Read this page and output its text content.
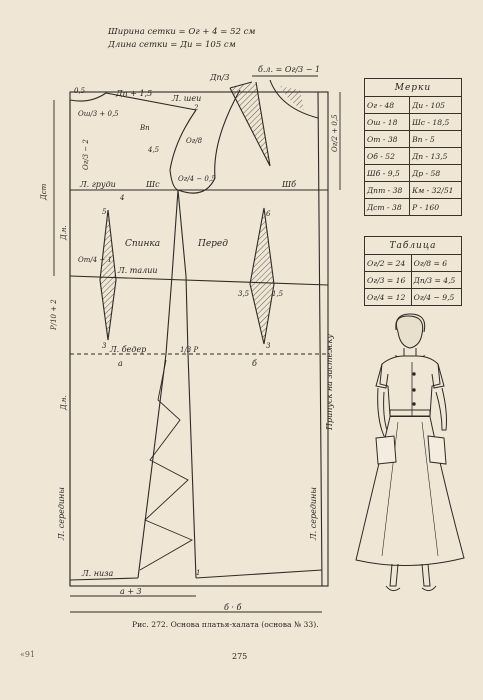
Ширина сетки = Ог + 4 = 52 см
Длина сетки = Ди = 105 см
б.л. = Ог/3 − 1
Дп/3
Дп + 1,5
Л. шеи
Ош/3 + 0,5
Вп	Ог/2 + 0,5
Ог/3 − 2
Ог/4 − 0,5
Ог/8
Л. груди	Шс	Шб
Дст
Д.н.
Спинка	Перед
От/4 − 1
Л. талии
Р/10 + 2
Л. бедер	1/3 Р
а	б
Д.н.
Л. середины	Л. середины
Припуск на застежку
Л. низа
а + 3
б · б
0,5
2
4,5
5	6
3,5	1,5
3	3
1
4
Мерки	
Ог - 48	Ди - 105
Ош - 18	Шс - 18,5
От - 38	Вп - 5
Об - 52	Дп - 13,5
Шб - 9,5	Др - 58
Дпт - 38	Км - 32/51
Дст - 38	Р - 160
Таблица	
Ог/2 = 24	Ог/8 = 6
Ог/3 = 16	Дп/3 = 4,5
Ог/4 = 12	Ог/4 − 9,5
Рис. 272. Основа платья-халата (основа № 33).
275
«91
